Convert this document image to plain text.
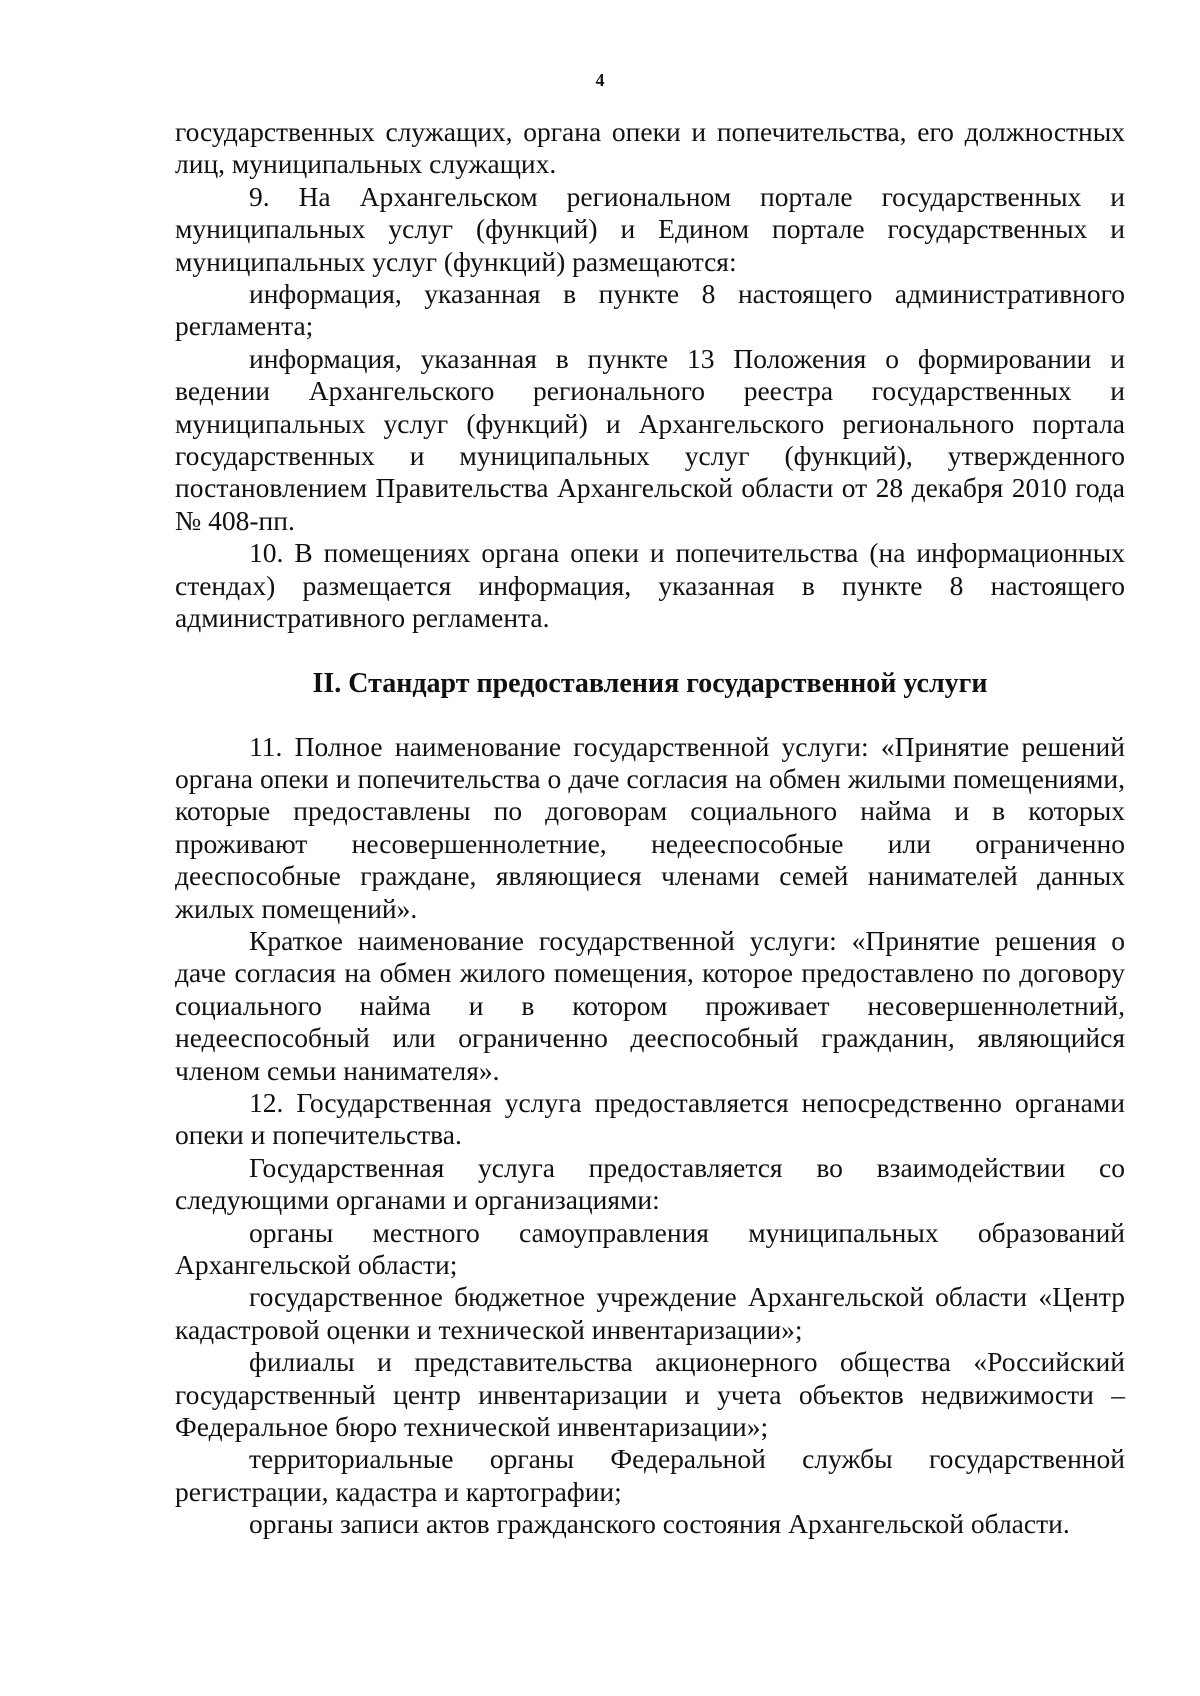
4

государственных служащих, органа опеки и попечительства, его должностных лиц, муниципальных служащих.

9. На Архангельском региональном портале государственных и муниципальных услуг (функций) и Едином портале государственных и муниципальных услуг (функций) размещаются:

информация, указанная в пункте 8 настоящего административного регламента;

информация, указанная в пункте 13 Положения о формировании и ведении Архангельского регионального реестра государственных и муниципальных услуг (функций) и Архангельского регионального портала государственных и муниципальных услуг (функций), утвержденного постановлением Правительства Архангельской области от 28 декабря 2010 года № 408-пп.

10. В помещениях органа опеки и попечительства (на информационных стендах) размещается информация, указанная в пункте 8 настоящего административного регламента.

II. Стандарт предоставления государственной услуги

11. Полное наименование государственной услуги: «Принятие решений органа опеки и попечительства о даче согласия на обмен жилыми помещениями, которые предоставлены по договорам социального найма и в которых проживают несовершеннолетние, недееспособные или ограниченно дееспособные граждане, являющиеся членами семей нанимателей данных жилых помещений».

Краткое наименование государственной услуги: «Принятие решения о даче согласия на обмен жилого помещения, которое предоставлено по договору социального найма и в котором проживает несовершеннолетний, недееспособный или ограниченно дееспособный гражданин, являющийся членом семьи нанимателя».

12. Государственная услуга предоставляется непосредственно органами опеки и попечительства.

Государственная услуга предоставляется во взаимодействии со следующими органами и организациями:

органы местного самоуправления муниципальных образований Архангельской области;

государственное бюджетное учреждение Архангельской области «Центр кадастровой оценки и технической инвентаризации»;

филиалы и представительства акционерного общества «Российский государственный центр инвентаризации и учета объектов недвижимости – Федеральное бюро технической инвентаризации»;

территориальные органы Федеральной службы государственной регистрации, кадастра и картографии;

органы записи актов гражданского состояния Архангельской области.
